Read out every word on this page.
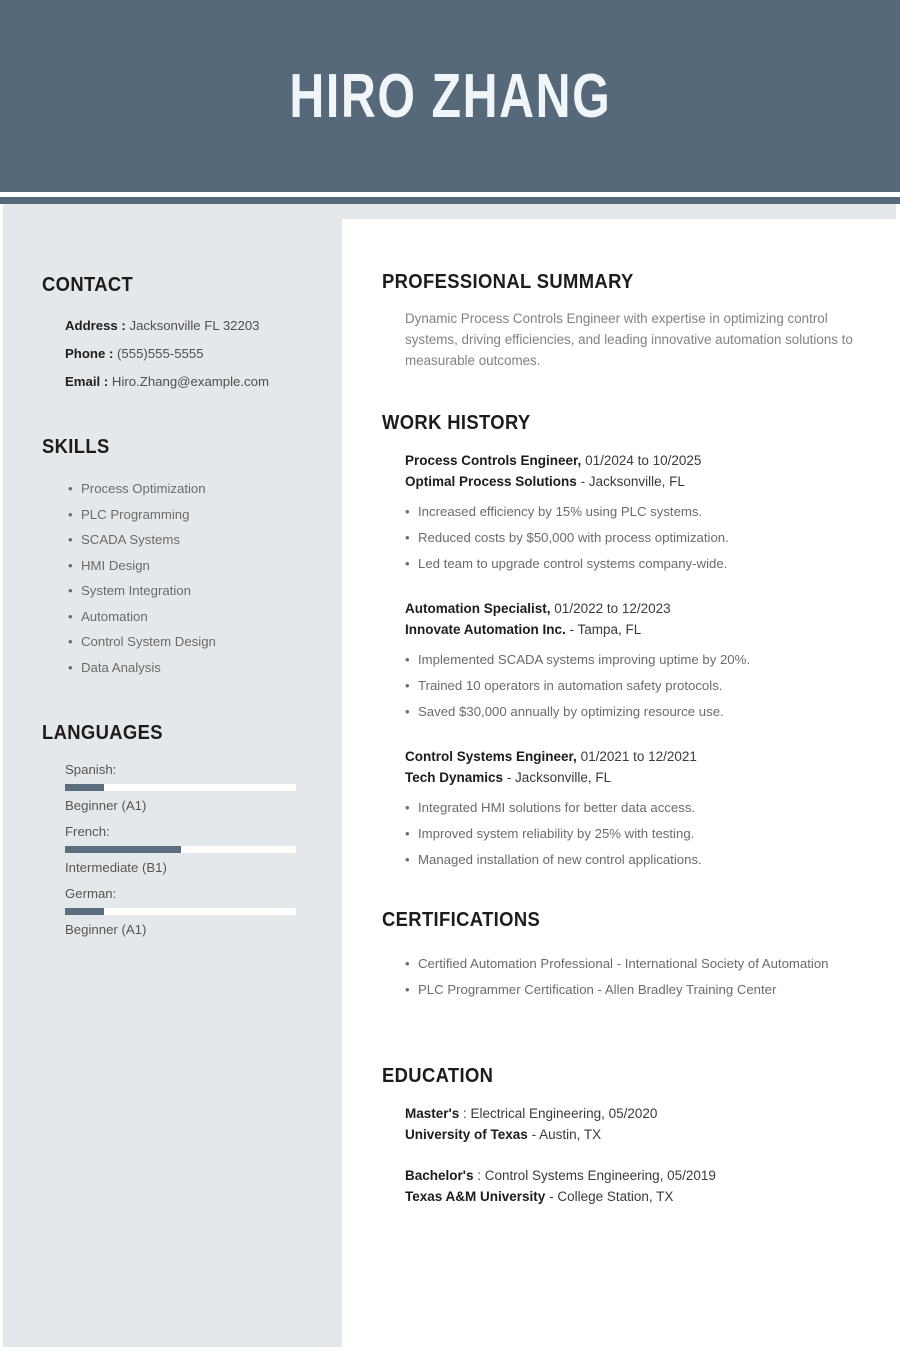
HIRO ZHANG
CONTACT
Address : Jacksonville FL 32203
Phone : (555)555-5555
Email : Hiro.Zhang@example.com
SKILLS
• Process Optimization
• PLC Programming
• SCADA Systems
• HMI Design
• System Integration
• Automation
• Control System Design
• Data Analysis
LANGUAGES
Spanish:
Beginner (A1)
French:
Intermediate (B1)
German:
Beginner (A1)
PROFESSIONAL SUMMARY

Dynamic Process Controls Engineer with expertise in optimizing control systems, driving efficiencies, and leading innovative automation solutions to measurable outcomes.

WORK HISTORY
Process Controls Engineer, 01/2024 to 10/2025
Optimal Process Solutions - Jacksonville, FL
• Increased efficiency by 15% using PLC systems.
• Reduced costs by $50,000 with process optimization.
• Led team to upgrade control systems company-wide.
Automation Specialist, 01/2022 to 12/2023
Innovate Automation Inc. - Tampa, FL
• Implemented SCADA systems improving uptime by 20%.
• Trained 10 operators in automation safety protocols.
• Saved $30,000 annually by optimizing resource use.
Control Systems Engineer, 01/2021 to 12/2021
Tech Dynamics - Jacksonville, FL
• Integrated HMI solutions for better data access.
• Improved system reliability by 25% with testing.
• Managed installation of new control applications.
CERTIFICATIONS
• Certified Automation Professional - International Society of Automation
• PLC Programmer Certification - Allen Bradley Training Center
EDUCATION
Master's : Electrical Engineering, 05/2020
University of Texas - Austin, TX
Bachelor's : Control Systems Engineering, 05/2019
Texas A&M University - College Station, TX
